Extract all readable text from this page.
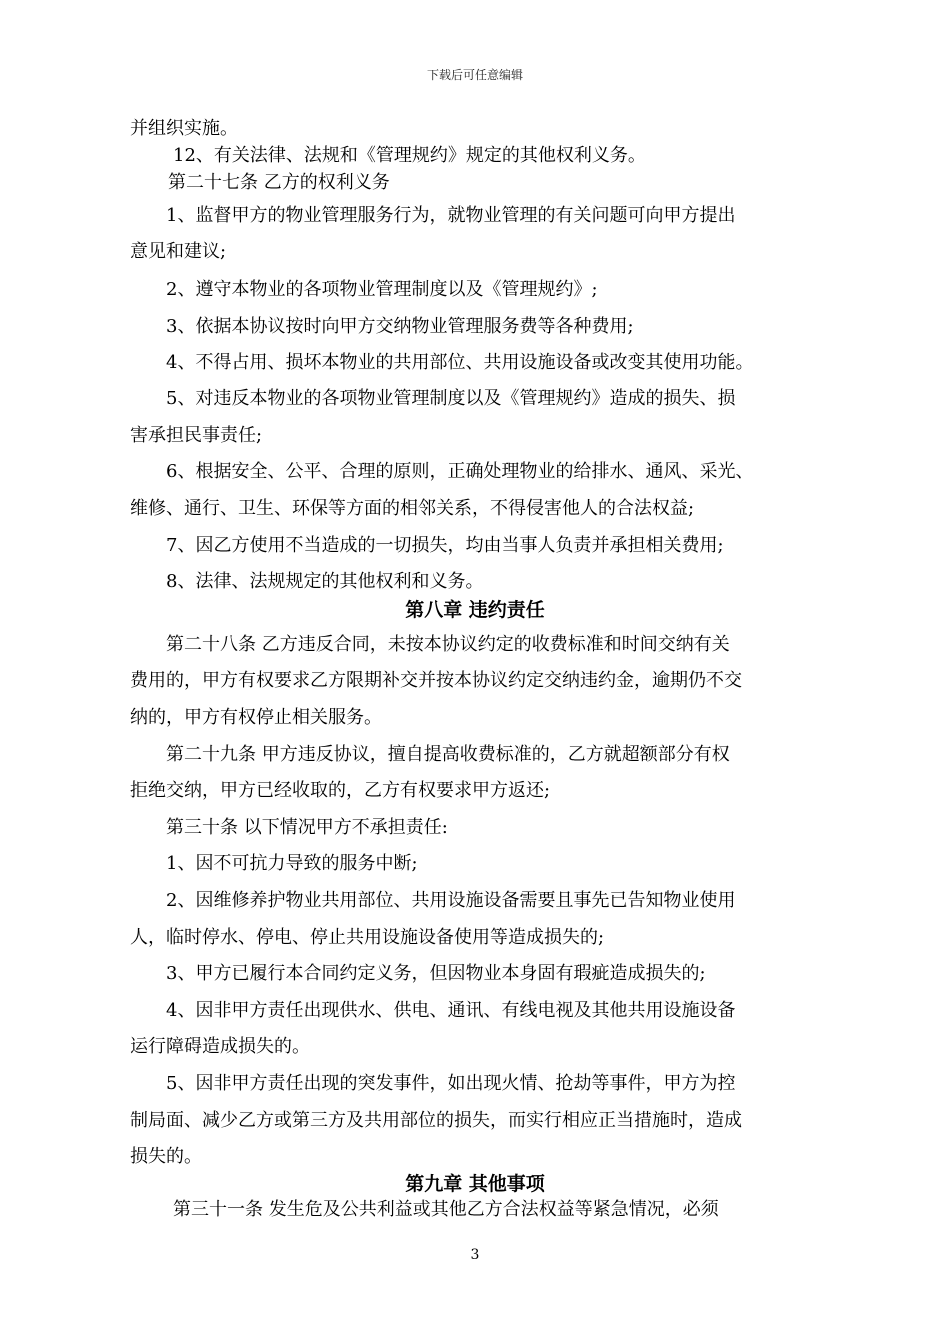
下载后可任意编辑
并组织实施。
12、有关法律、法规和《管理规约》规定的其他权利义务。
第二十七条 乙方的权利义务
1、监督甲方的物业管理服务行为，就物业管理的有关问题可向甲方提出
意见和建议;
2、遵守本物业的各项物业管理制度以及《管理规约》;
3、依据本协议按时向甲方交纳物业管理服务费等各种费用;
4、不得占用、损坏本物业的共用部位、共用设施设备或改变其使用功能。
5、对违反本物业的各项物业管理制度以及《管理规约》造成的损失、损
害承担民事责任;
6、根据安全、公平、合理的原则，正确处理物业的给排水、通风、采光、
维修、通行、卫生、环保等方面的相邻关系，不得侵害他人的合法权益;
7、因乙方使用不当造成的一切损失，均由当事人负责并承担相关费用;
8、法律、法规规定的其他权利和义务。
第八章 违约责任
第二十八条 乙方违反合同，未按本协议约定的收费标准和时间交纳有关
费用的，甲方有权要求乙方限期补交并按本协议约定交纳违约金，逾期仍不交
纳的，甲方有权停止相关服务。
第二十九条 甲方违反协议，擅自提高收费标准的，乙方就超额部分有权
拒绝交纳，甲方已经收取的，乙方有权要求甲方返还;
第三十条 以下情况甲方不承担责任:
1、因不可抗力导致的服务中断;
2、因维修养护物业共用部位、共用设施设备需要且事先已告知物业使用
人，临时停水、停电、停止共用设施设备使用等造成损失的;
3、甲方已履行本合同约定义务，但因物业本身固有瑕疵造成损失的;
4、因非甲方责任出现供水、供电、通讯、有线电视及其他共用设施设备
运行障碍造成损失的。
5、因非甲方责任出现的突发事件，如出现火情、抢劫等事件，甲方为控
制局面、减少乙方或第三方及共用部位的损失，而实行相应正当措施时，造成
损失的。
第九章 其他事项
第三十一条 发生危及公共利益或其他乙方合法权益等紧急情况，必须
3
